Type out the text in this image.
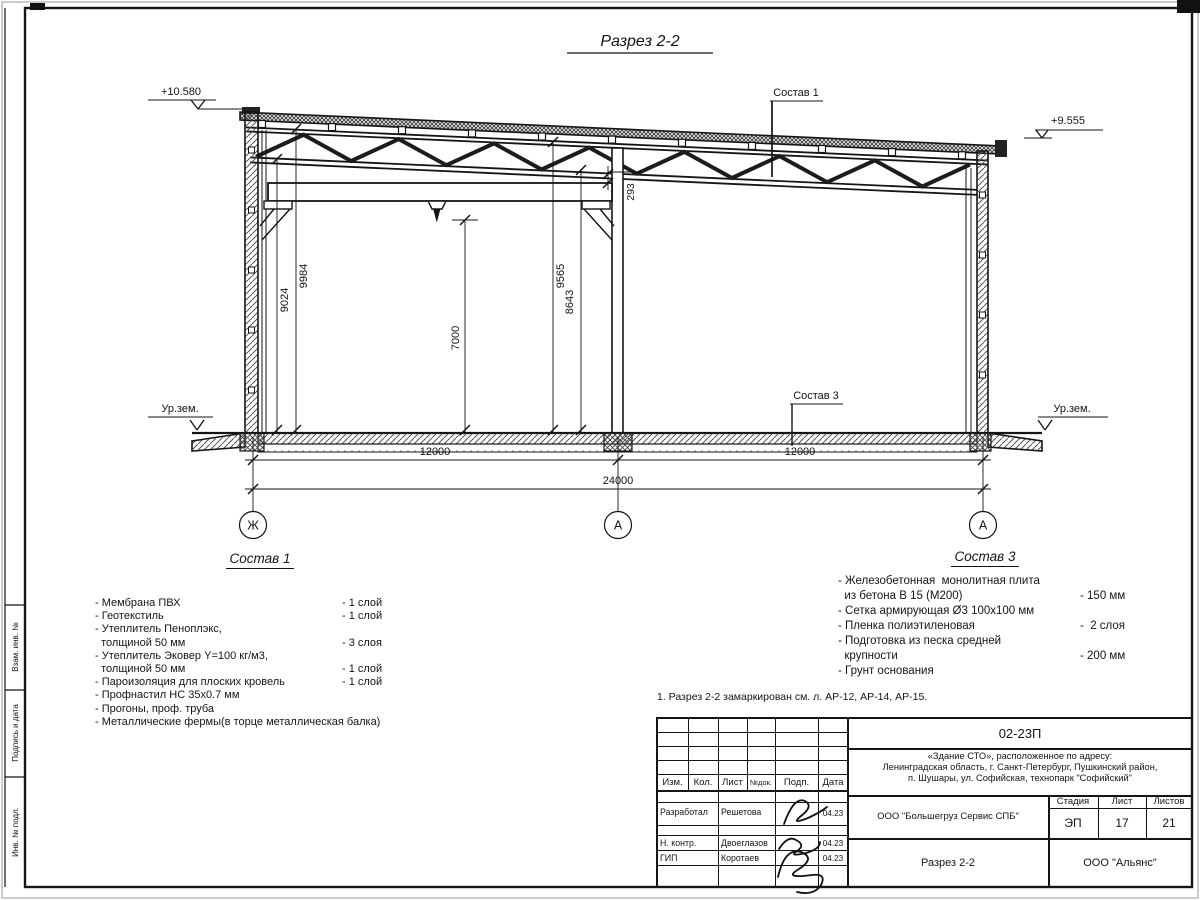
Взам. инв. №
Подпись и дата
Инв. № подл.
Разрез 2-2
+10.580
+9.555
Ур.зем.	Ур.зем.
Состав 1
Состав 3
9024
9984
7000
9565
8643
293
12000	12000
24000
Ж	А	А
Состав 1
- Мембрана ПВХ	- 1 слой
- Геотекстиль	- 1 слой
- Утеплитель Пеноплэкс,
толщиной 50 мм	- 3 слоя
- Утеплитель Эковер Y=100 кг/м3,
толщиной 50 мм	- 1 слой
- Пароизоляция для плоских кровель	- 1 слой
- Профнастил НС 35х0.7 мм
- Прогоны, проф. труба
- Металлические фермы(в торце металлическая балка)
Состав 3
- Железобетонная  монолитная плита
из бетона В 15 (М200)	- 150 мм
- Сетка армирующая Ø3 100х100 мм
- Пленка полиэтиленовая	-  2 слоя
- Подготовка из песка средней
крупности	- 200 мм
- Грунт основания
1. Разрез 2-2 замаркирован см. л. АР-12, АР-14, АР-15.
Изм.	Кол.	Лист №док.	Подп.	Дата
Разработал	Решетова	04.23
Н. контр.	Двоеглазов	04.23
ГИП	Коротаев	04.23
02-23П
«Здание СТО», расположенное по адресу:
Ленинградская область, г. Санкт-Петербург, Пушкинский район,
п. Шушары, ул. Софийская, технопарк "Софийский"
ООО "Большегруз Сервис СПБ"
Разрез 2-2
Стадия	Лист	Листов
ЭП	17	21
ООО "Альянс"
